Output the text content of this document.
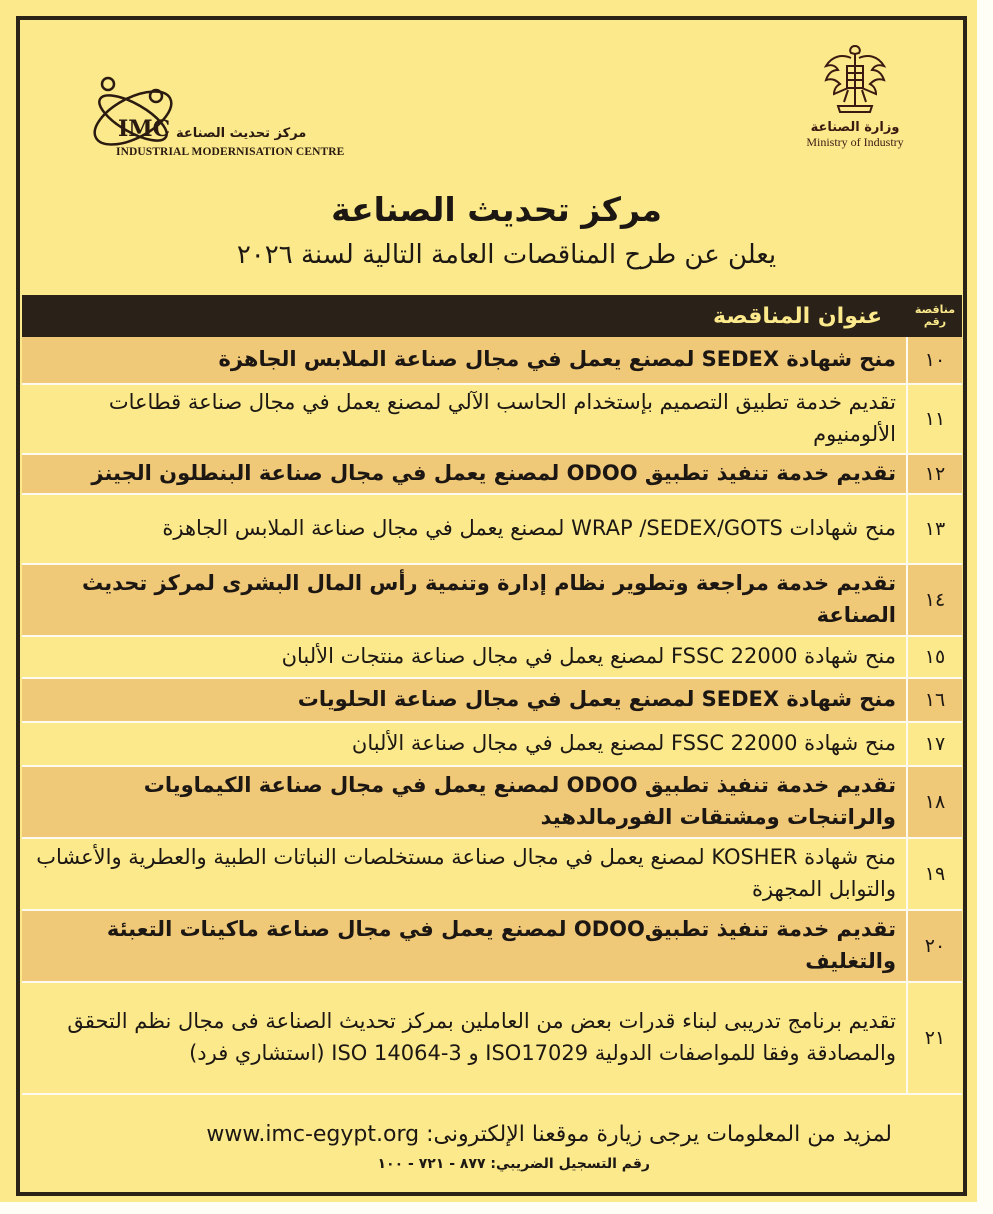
وزارة الصناعة
Ministry of Industry
IMC مركز تحديث الصناعة
INDUSTRIAL MODERNISATION CENTRE
مركز تحديث الصناعة
يعلن عن طرح المناقصات العامة التالية لسنة ٢٠٢٦
مناقصة رقم
عنوان المناقصة
١٠
منح شهادة SEDEX لمصنع يعمل في مجال صناعة الملابس الجاهزة
١١
تقديم خدمة تطبيق التصميم بإستخدام الحاسب الآلي لمصنع يعمل في مجال صناعة قطاعات الألومنيوم
١٢
تقديم خدمة تنفيذ تطبيق ODOO لمصنع يعمل في مجال صناعة البنطلون الجينز
١٣
منح شهادات WRAP /SEDEX/GOTS لمصنع يعمل في مجال صناعة الملابس الجاهزة
١٤
تقديم خدمة مراجعة وتطوير نظام إدارة وتنمية رأس المال البشرى لمركز تحديث الصناعة
١٥
منح شهادة FSSC 22000 لمصنع يعمل في مجال صناعة منتجات الألبان
١٦
منح شهادة SEDEX لمصنع يعمل في مجال صناعة الحلويات
١٧
منح شهادة FSSC 22000 لمصنع يعمل في مجال صناعة الألبان
١٨
تقديم خدمة تنفيذ تطبيق ODOO لمصنع يعمل في مجال صناعة الكيماويات والراتنجات ومشتقات الفورمالدهيد
١٩
منح شهادة KOSHER لمصنع يعمل في مجال صناعة مستخلصات النباتات الطبية والعطرية والأعشاب والتوابل المجهزة
٢٠
تقديم خدمة تنفيذ تطبيقODOO لمصنع يعمل في مجال صناعة ماكينات التعبئة والتغليف
٢١
تقديم برنامج تدريبى لبناء قدرات بعض من العاملين بمركز تحديث الصناعة فى مجال نظم التحقق والمصادقة وفقا للمواصفات الدولية ISO17029 و ISO 14064-3 (استشاري فرد)
لمزيد من المعلومات يرجى زيارة موقعنا الإلكترونى: www.imc-egypt.org
رقم التسجيل الضريبي: ٨٧٧ - ٧٢١ - ١٠٠
